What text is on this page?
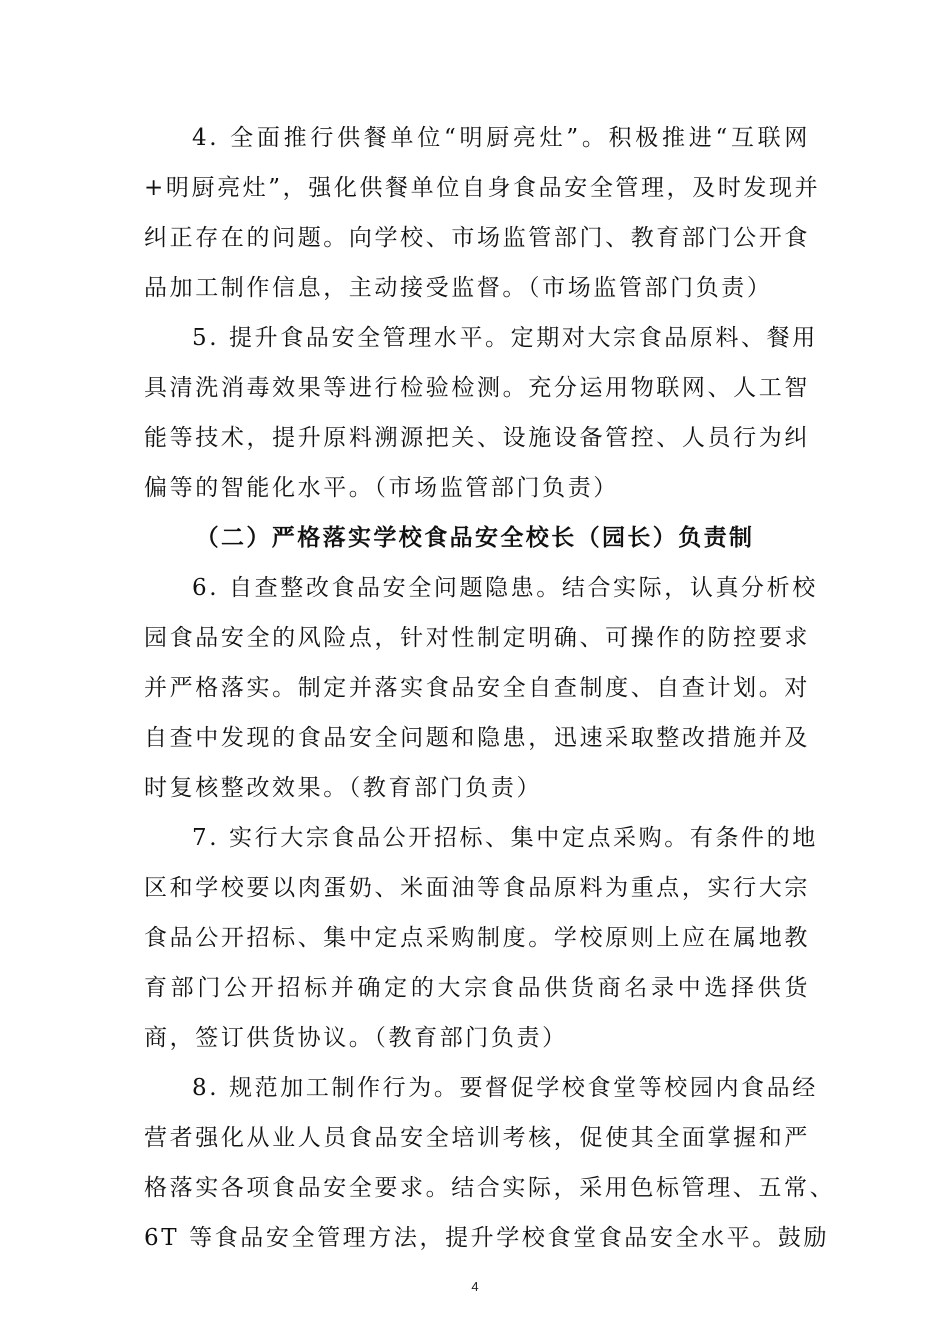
4. 全面推行供餐单位“明厨亮灶”。积极推进“互联网
+明厨亮灶”，强化供餐单位自身食品安全管理，及时发现并
纠正存在的问题。向学校、市场监管部门、教育部门公开食
品加工制作信息，主动接受监督。（市场监管部门负责）
5. 提升食品安全管理水平。定期对大宗食品原料、餐用
具清洗消毒效果等进行检验检测。充分运用物联网、人工智
能等技术，提升原料溯源把关、设施设备管控、人员行为纠
偏等的智能化水平。（市场监管部门负责）
（二）严格落实学校食品安全校长（园长）负责制
6. 自查整改食品安全问题隐患。结合实际，认真分析校
园食品安全的风险点，针对性制定明确、可操作的防控要求
并严格落实。制定并落实食品安全自查制度、自查计划。对
自查中发现的食品安全问题和隐患，迅速采取整改措施并及
时复核整改效果。（教育部门负责）
7. 实行大宗食品公开招标、集中定点采购。有条件的地
区和学校要以肉蛋奶、米面油等食品原料为重点，实行大宗
食品公开招标、集中定点采购制度。学校原则上应在属地教
育部门公开招标并确定的大宗食品供货商名录中选择供货
商，签订供货协议。（教育部门负责）
8. 规范加工制作行为。要督促学校食堂等校园内食品经
营者强化从业人员食品安全培训考核，促使其全面掌握和严
格落实各项食品安全要求。结合实际，采用色标管理、五常、
6T 等食品安全管理方法，提升学校食堂食品安全水平。鼓励
4
